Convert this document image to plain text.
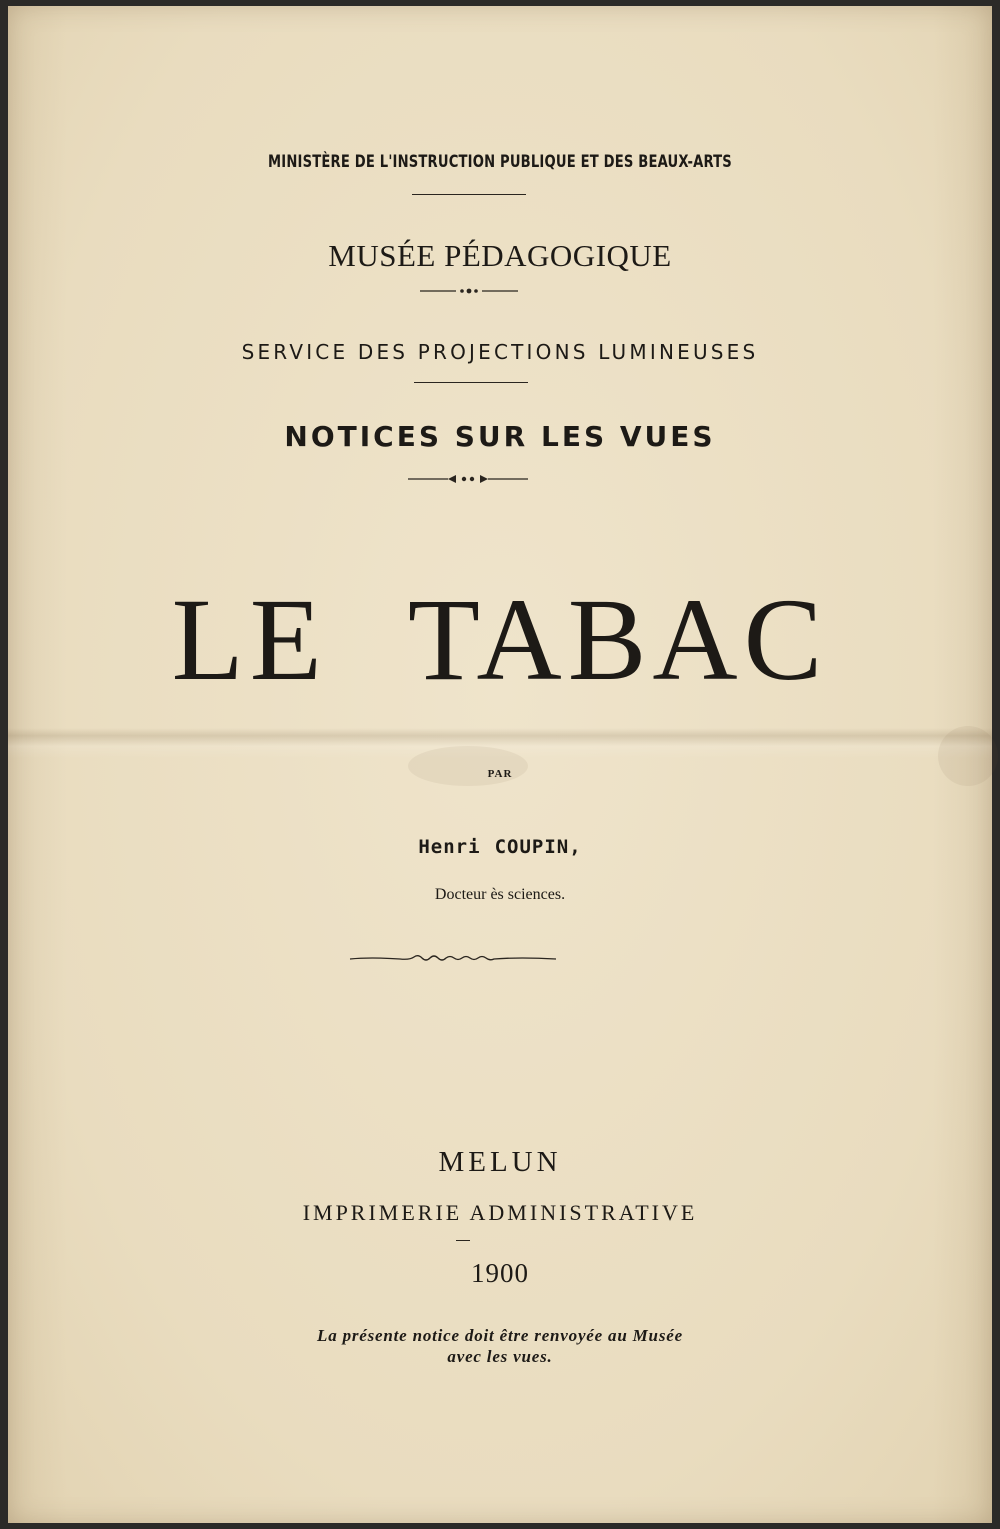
MINISTÈRE DE L'INSTRUCTION PUBLIQUE ET DES BEAUX-ARTS
MUSÉE PÉDAGOGIQUE
SERVICE DES PROJECTIONS LUMINEUSES
NOTICES SUR LES VUES
LE TABAC
PAR
Henri COUPIN,
Docteur ès sciences.
MELUN
IMPRIMERIE ADMINISTRATIVE
1900
La présente notice doit être renvoyée au Musée
avec les vues.
